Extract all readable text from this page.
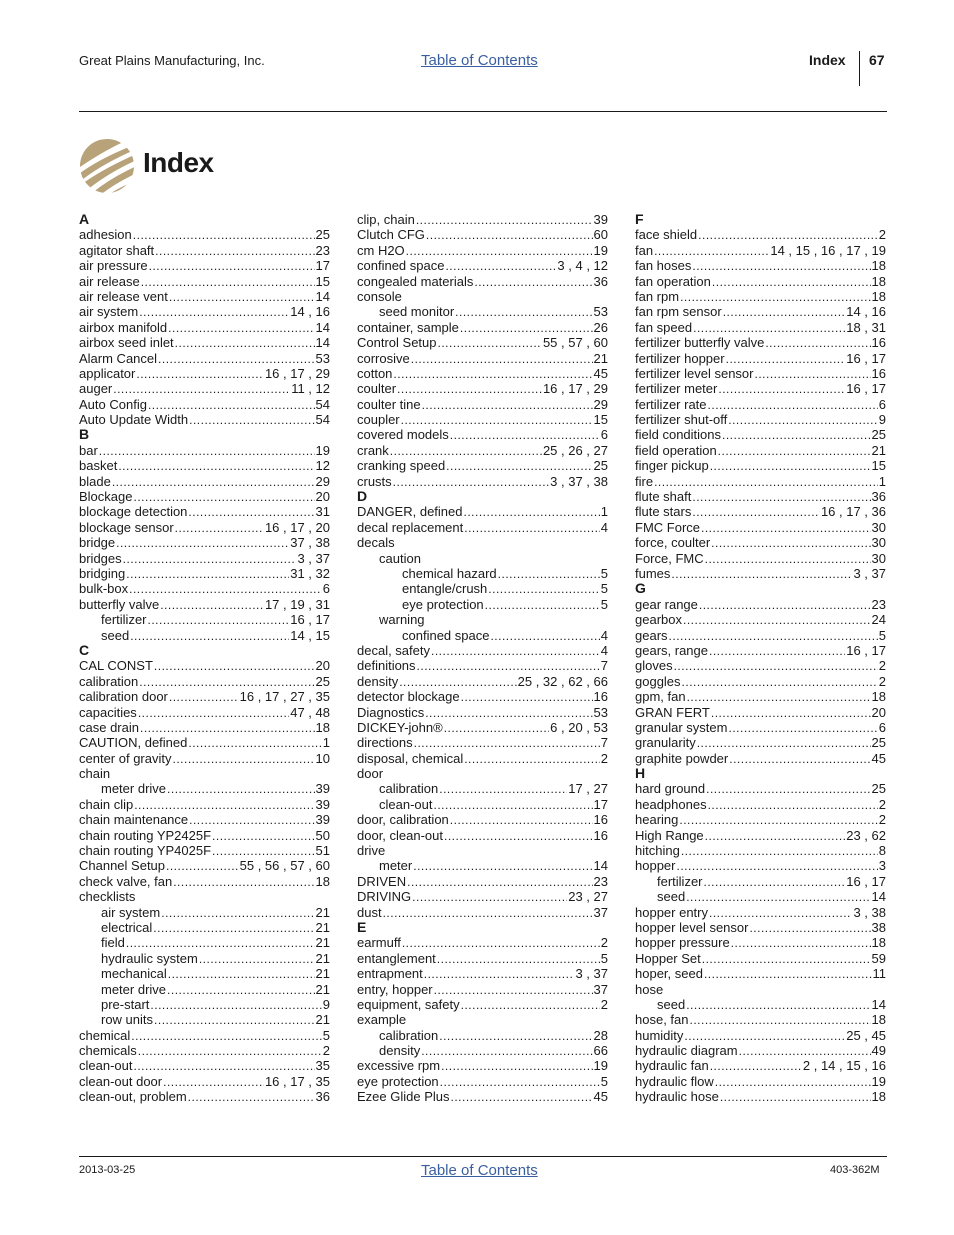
Great Plains Manufacturing, Inc.	Table of Contents	Index 67
Index
A
adhesion .....	25
agitator shaft .....	23
air pressure .....	17
air release .....	15
air release vent .....	14
air system .....	14 , 16
airbox manifold .....	14
airbox seed inlet .....	14
Alarm Cancel .....	53
applicator .....	16 , 17 , 29
auger .....	11 , 12
Auto Config .....	54
Auto Update Width .....	54
B
bar .....	19
basket .....	12
blade .....	29
Blockage .....	20
blockage detection .....	31
blockage sensor .....	16 , 17 , 20
bridge .....	37 , 38
bridges .....	3 , 37
bridging .....	31 , 32
bulk-box .....	6
butterfly valve .....	17 , 19 , 31
fertilizer .....	16 , 17
seed .....	14 , 15
C
CAL CONST .....	20
calibration .....	25
calibration door .....	16 , 17 , 27 , 35
capacities .....	47 , 48
case drain .....	18
CAUTION, defined .....	1
center of gravity .....	10
chain
meter drive .....	39
chain clip .....	39
chain maintenance .....	39
chain routing YP2425F .....	50
chain routing YP4025F .....	51
Channel Setup .....	55 , 56 , 57 , 60
check valve, fan .....	18
checklists
air system .....	21
electrical .....	21
field .....	21
hydraulic system .....	21
mechanical .....	21
meter drive .....	21
pre-start .....	9
row units .....	21
chemical .....	5
chemicals .....	2
clean-out .....	35
clean-out door .....	16 , 17 , 35
clean-out, problem .....	36
clip, chain .....	39
Clutch CFG .....	60
cm H2O .....	19
confined space .....	3 , 4 , 12
congealed materials .....	36
console
seed monitor .....	53
container, sample .....	26
Control Setup .....	55 , 57 , 60
corrosive .....	21
cotton .....	45
coulter .....	16 , 17 , 29
coulter tine .....	29
coupler .....	15
covered models .....	6
crank .....	25 , 26 , 27
cranking speed .....	25
crusts .....	3 , 37 , 38
D
DANGER, defined .....	1
decal replacement .....	4
decals
caution
chemical hazard .....	5
entangle/crush .....	5
eye protection .....	5
warning
confined space .....	4
decal, safety .....	4
definitions .....	7
density .....	25 , 32 , 62 , 66
detector blockage .....	16
Diagnostics .....	53
DICKEY-john® .....	6 , 20 , 53
directions .....	7
disposal, chemical .....	2
door
calibration .....	17 , 27
clean-out .....	17
door, calibration .....	16
door, clean-out .....	16
drive
meter .....	14
DRIVEN .....	23
DRIVING .....	23 , 27
dust .....	37
E
earmuff .....	2
entanglement .....	5
entrapment .....	3 , 37
entry, hopper .....	37
equipment, safety .....	2
example
calibration .....	28
density .....	66
excessive rpm .....	19
eye protection .....	5
Ezee Glide Plus .....	45
F
face shield .....	2
fan .....	14 , 15 , 16 , 17 , 19
fan hoses .....	18
fan operation .....	18
fan rpm .....	18
fan rpm sensor .....	14 , 16
fan speed .....	18 , 31
fertilizer butterfly valve .....	16
fertilizer hopper .....	16 , 17
fertilizer level sensor .....	16
fertilizer meter .....	16 , 17
fertilizer rate .....	6
fertilizer shut-off .....	9
field conditions .....	25
field operation .....	21
finger pickup .....	15
fire .....	1
flute shaft .....	36
flute stars .....	16 , 17 , 36
FMC Force .....	30
force, coulter .....	30
Force, FMC .....	30
fumes .....	3 , 37
G
gear range .....	23
gearbox .....	24
gears .....	5
gears, range .....	16 , 17
gloves .....	2
goggles .....	2
gpm, fan .....	18
GRAN FERT .....	20
granular system .....	6
granularity .....	25
graphite powder .....	45
H
hard ground .....	25
headphones .....	2
hearing .....	2
High Range .....	23 , 62
hitching .....	8
hopper .....	3
fertilizer .....	16 , 17
seed .....	14
hopper entry .....	3 , 38
hopper level sensor .....	38
hopper pressure .....	18
Hopper Set .....	59
hoper, seed .....	11
hose
seed .....	14
hose, fan .....	18
humidity .....	25 , 45
hydraulic diagram .....	49
hydraulic fan .....	2 , 14 , 15 , 16
hydraulic flow .....	19
hydraulic hose .....	18
2013-03-25	Table of Contents	403-362M
